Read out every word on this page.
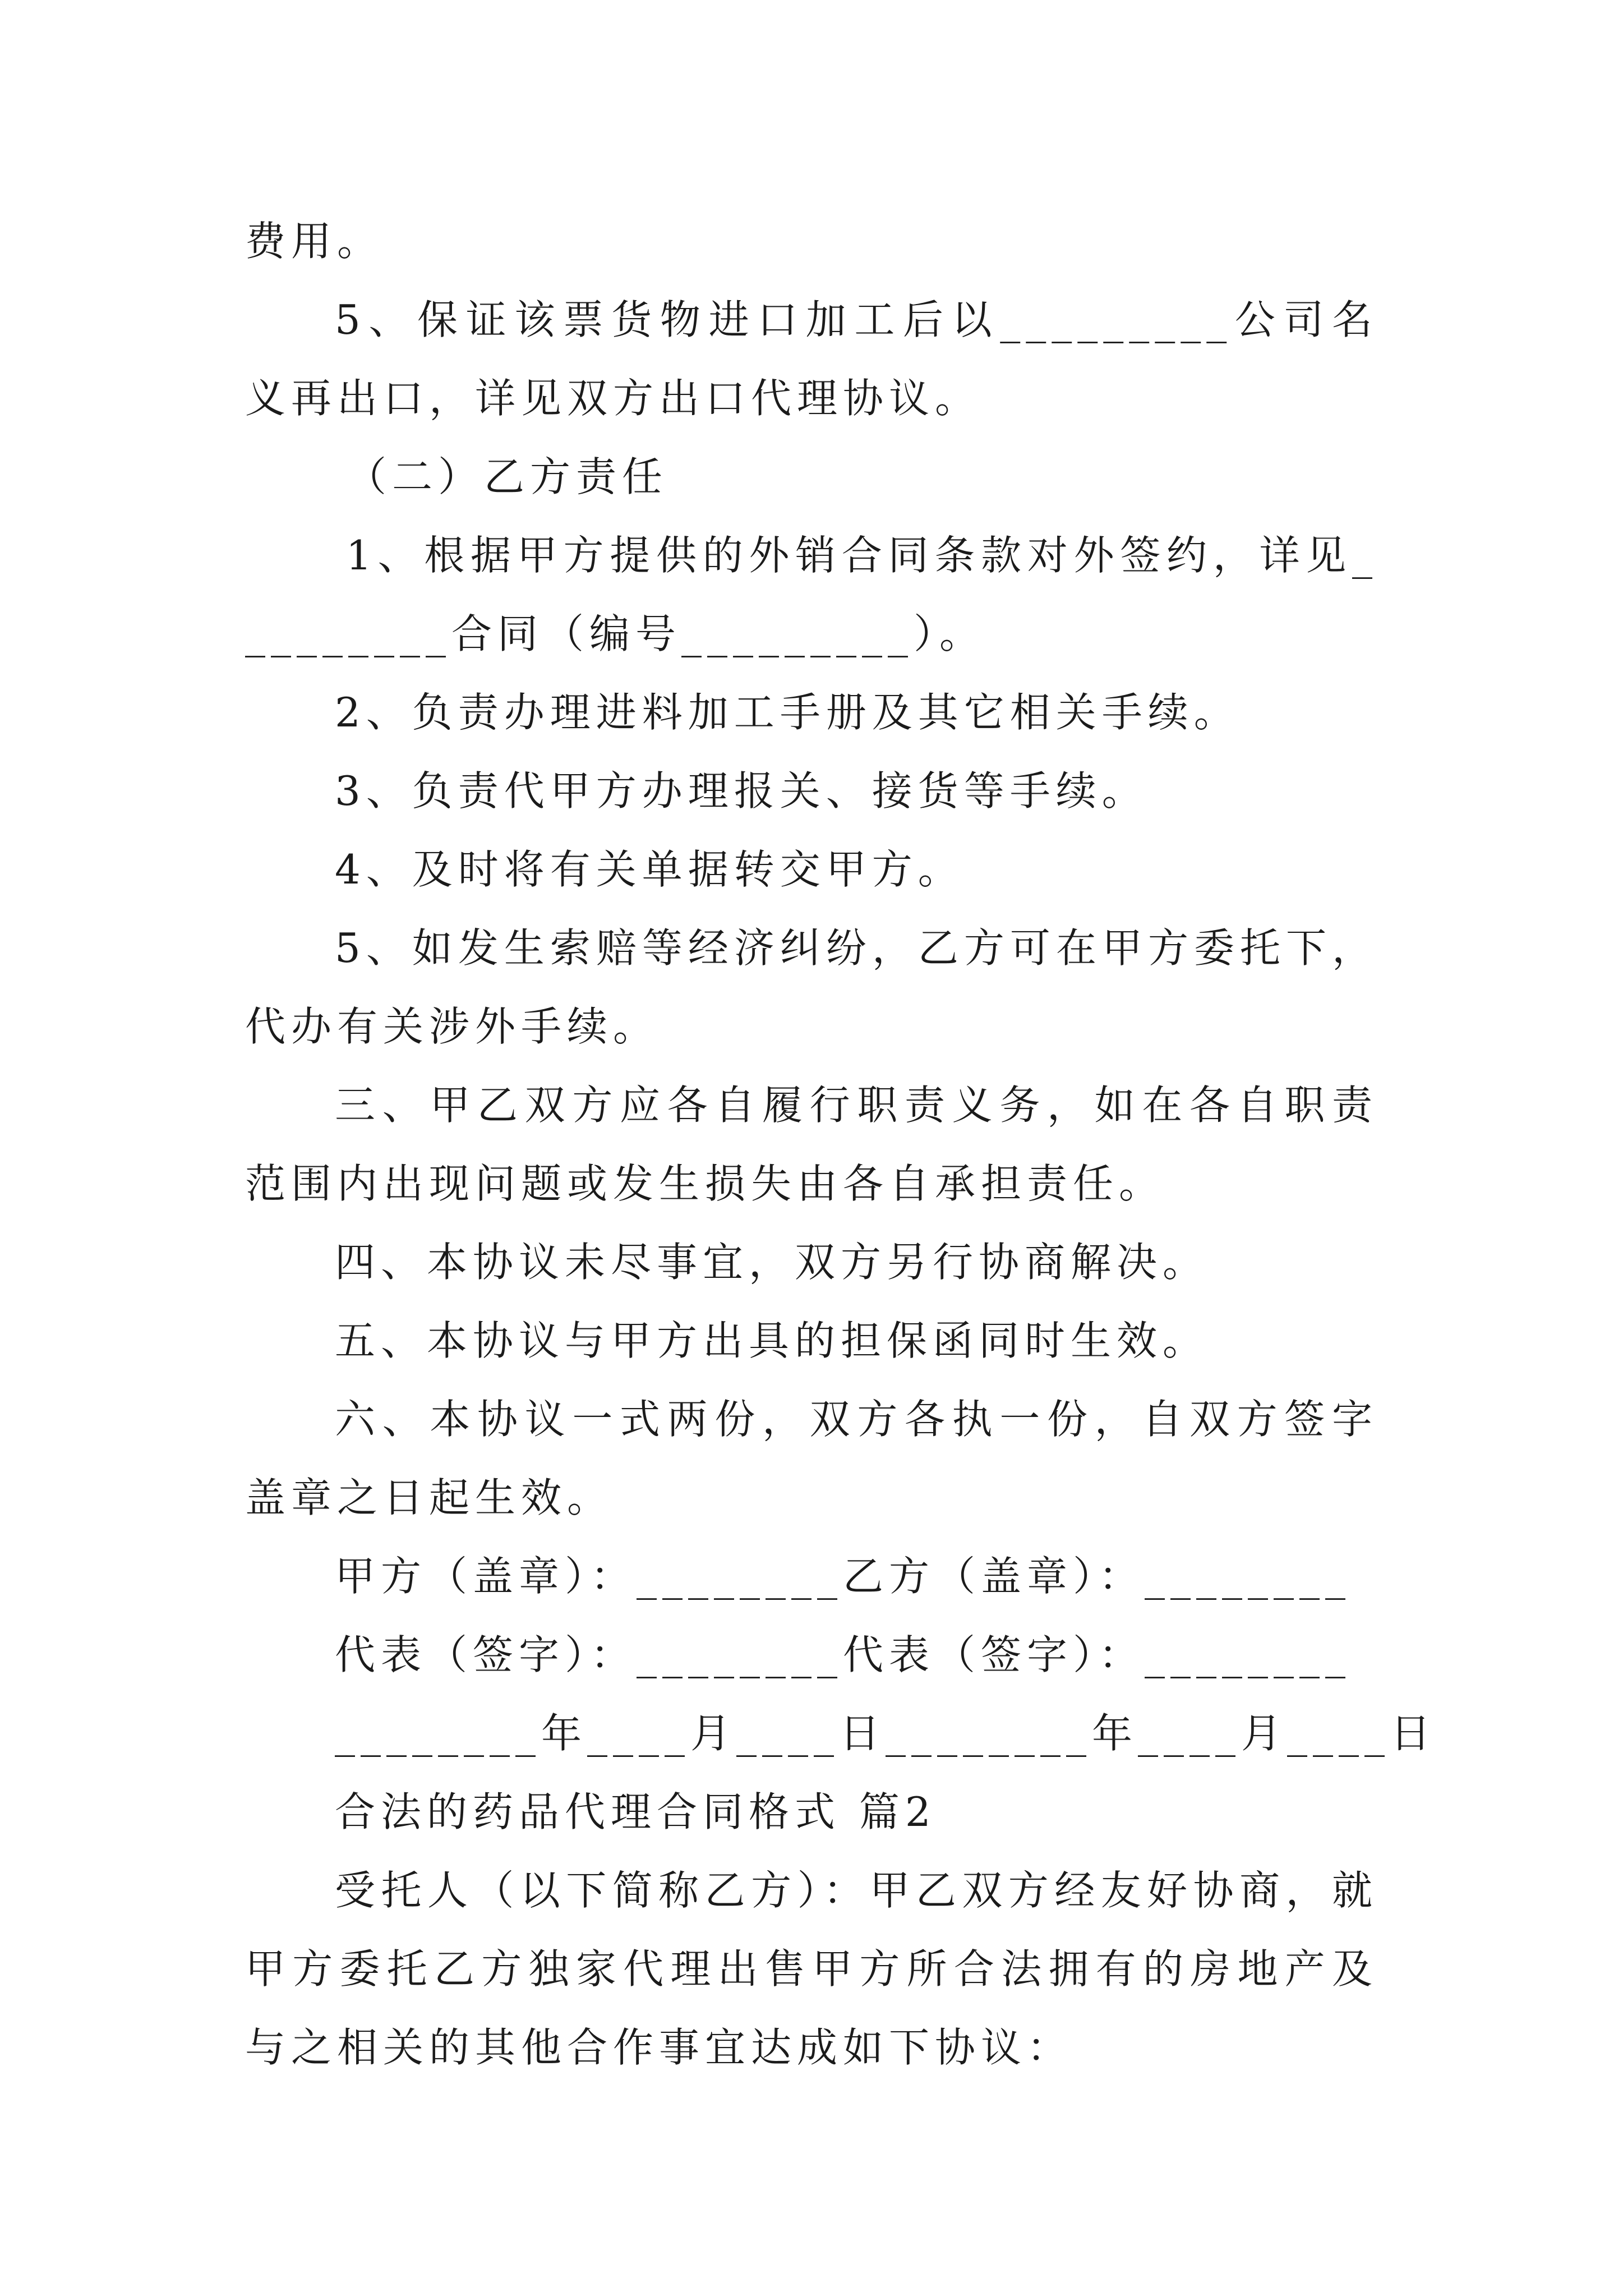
费用。

5、保证该票货物进口加工后以_________公司名义再出口，详见双方出口代理协议。

（二）乙方责任

1、根据甲方提供的外销合同条款对外签约，详见_________合同（编号_________）。

2、负责办理进料加工手册及其它相关手续。

3、负责代甲方办理报关、接货等手续。

4、及时将有关单据转交甲方。

5、如发生索赔等经济纠纷，乙方可在甲方委托下，代办有关涉外手续。

三、甲乙双方应各自履行职责义务，如在各自职责范围内出现问题或发生损失由各自承担责任。

四、本协议未尽事宜，双方另行协商解决。

五、本协议与甲方出具的担保函同时生效。

六、本协议一式两份，双方各执一份，自双方签字盖章之日起生效。

甲方（盖章）：________乙方（盖章）：________

代表（签字）：________代表（签字）：________

________年____月____日________年____月____日

合法的药品代理合同格式 篇2

受托人（以下简称乙方）：甲乙双方经友好协商，就甲方委托乙方独家代理出售甲方所合法拥有的房地产及与之相关的其他合作事宜达成如下协议：
